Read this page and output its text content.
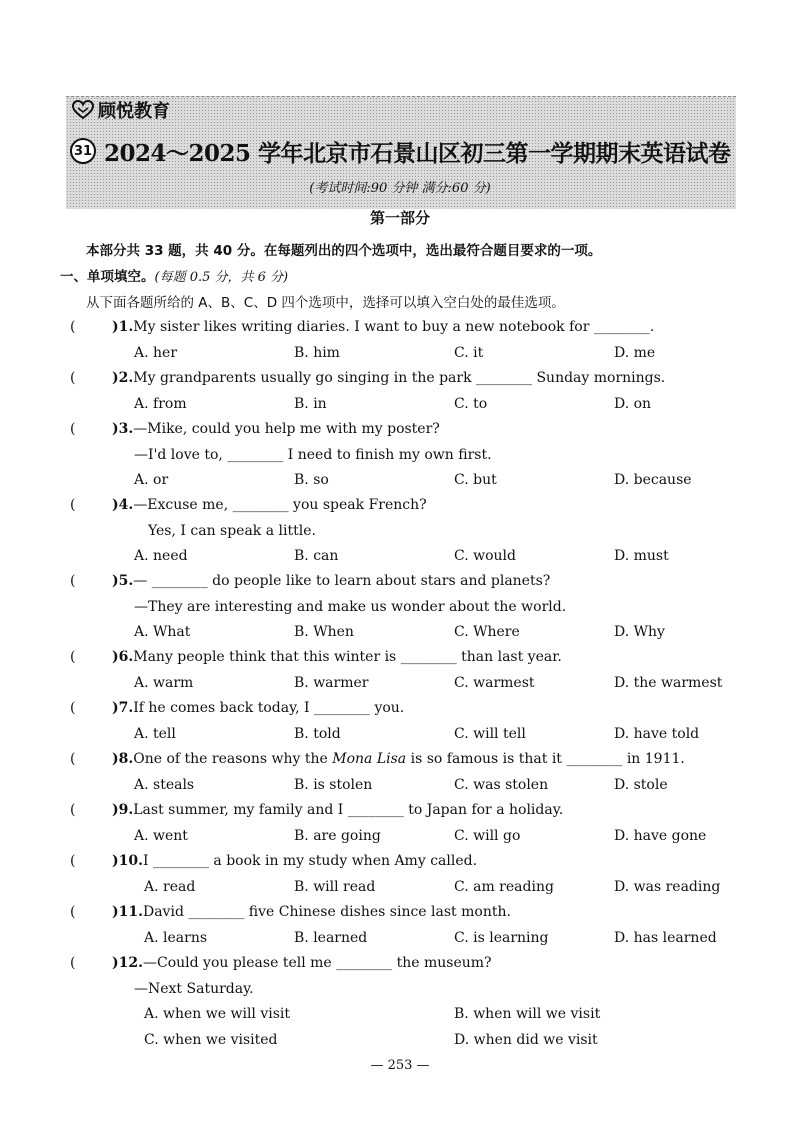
顾悦教育
31 2024～2025 学年北京市石景山区初三第一学期期末英语试卷
(考试时间:90 分钟 满分:60 分)
第一部分
本部分共 33 题，共 40 分。在每题列出的四个选项中，选出最符合题目要求的一项。
一、单项填空。(每题 0.5 分，共 6 分)
从下面各题所给的 A、B、C、D 四个选项中，选择可以填入空白处的最佳选项。
(	)1.My sister likes writing diaries. I want to buy a new notebook for ________.
A. her	B. him	C. it	D. me
(	)2.My grandparents usually go singing in the park ________ Sunday mornings.
A. from	B. in	C. to	D. on
(	)3.—Mike, could you help me with my poster?
—I'd love to, ________ I need to finish my own first.
A. or	B. so	C. but	D. because
(	)4.—Excuse me, ________ you speak French?
Yes, I can speak a little.
A. need	B. can	C. would	D. must
(	)5.— ________ do people like to learn about stars and planets?
—They are interesting and make us wonder about the world.
A. What	B. When	C. Where	D. Why
(	)6.Many people think that this winter is ________ than last year.
A. warm	B. warmer	C. warmest	D. the warmest
(	)7.If he comes back today, I ________ you.
A. tell	B. told	C. will tell	D. have told
(	)8.One of the reasons why the Mona Lisa is so famous is that it ________ in 1911.
A. steals	B. is stolen	C. was stolen	D. stole
(	)9.Last summer, my family and I ________ to Japan for a holiday.
A. went	B. are going	C. will go	D. have gone
(	)10.I ________ a book in my study when Amy called.
A. read	B. will read	C. am reading	D. was reading
(	)11.David ________ five Chinese dishes since last month.
A. learns	B. learned	C. is learning	D. has learned
(	)12.—Could you please tell me ________ the museum?
—Next Saturday.
A. when we will visit	B. when will we visit
C. when we visited	D. when did we visit
— 253 —
